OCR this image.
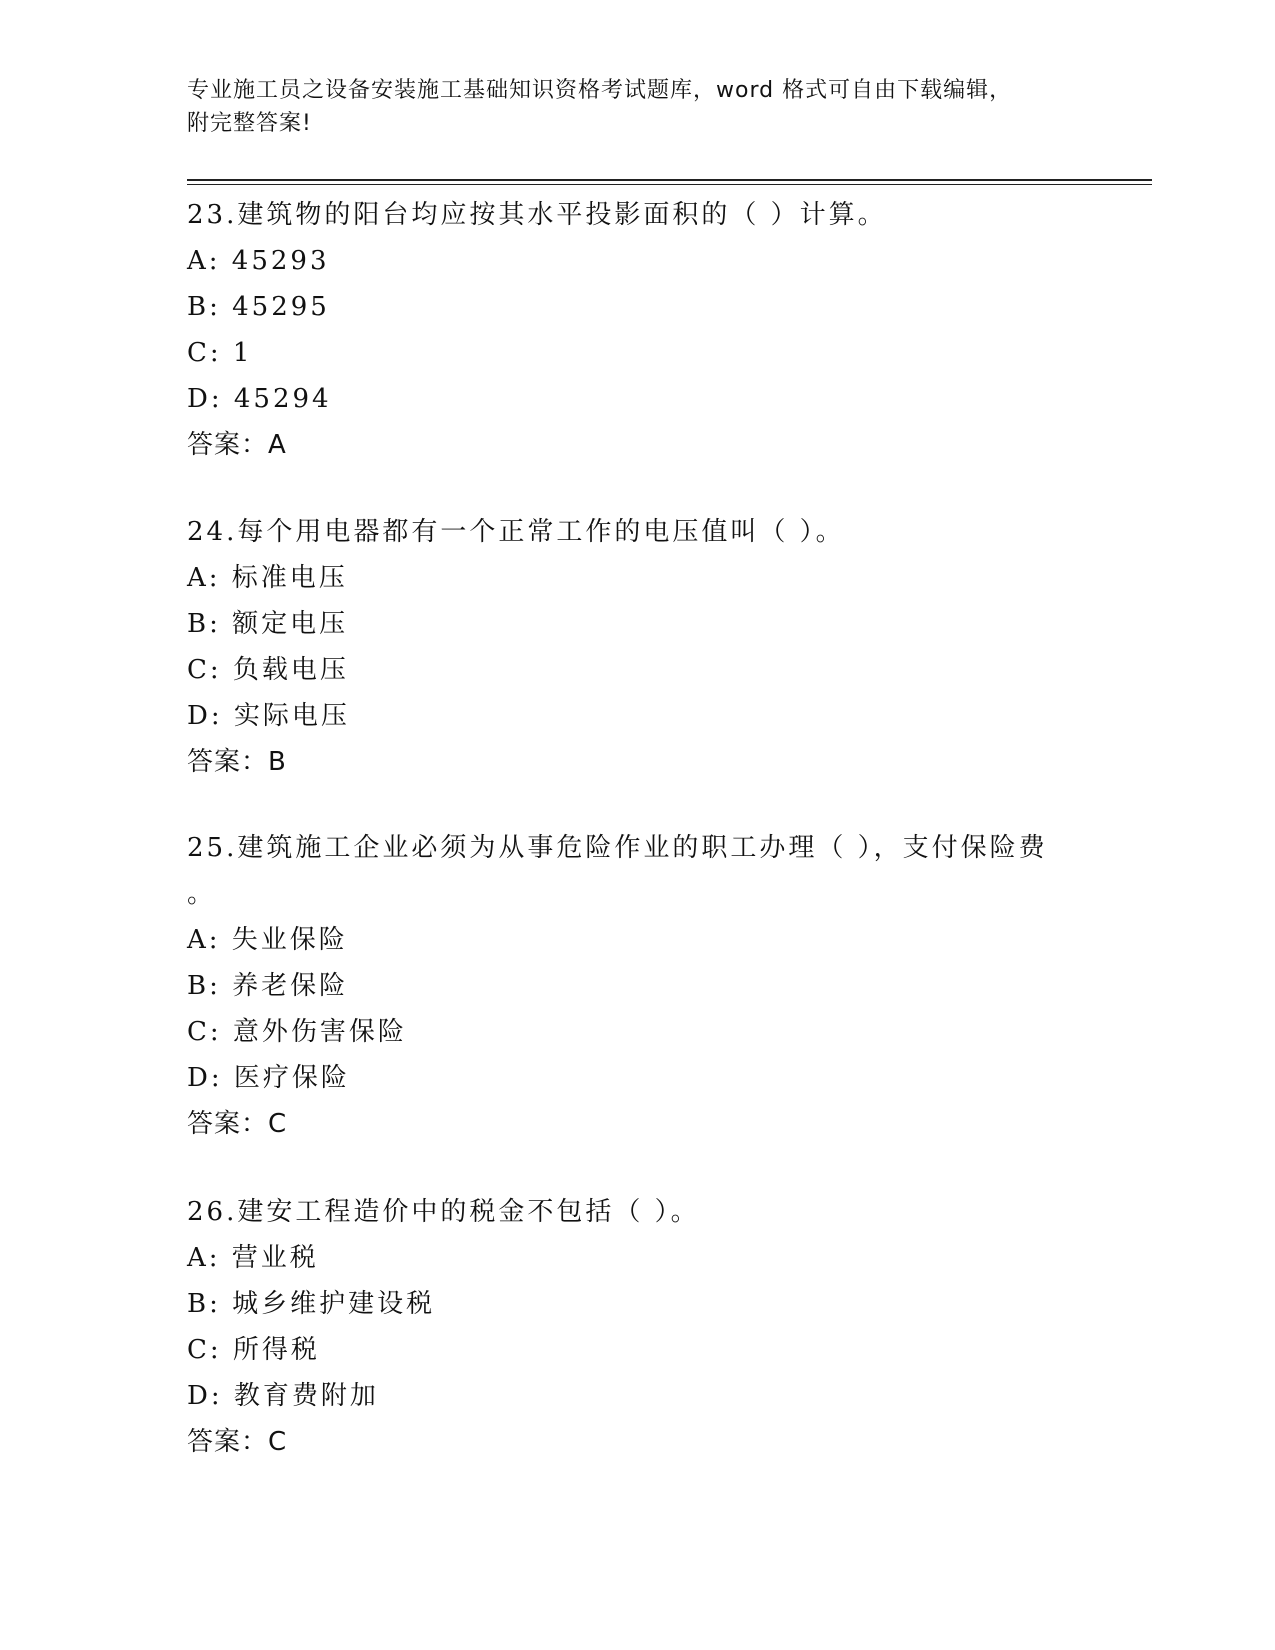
专业施工员之设备安装施工基础知识资格考试题库，word 格式可自由下载编辑，
附完整答案!
23.建筑物的阳台均应按其水平投影面积的（ ）计算。
A: 45293
B: 45295
C: 1
D: 45294
答案：A
24.每个用电器都有一个正常工作的电压值叫（ ）。
A: 标准电压
B: 额定电压
C: 负载电压
D: 实际电压
答案：B
25.建筑施工企业必须为从事危险作业的职工办理（ ），支付保险费
。
A: 失业保险
B: 养老保险
C: 意外伤害保险
D: 医疗保险
答案：C
26.建安工程造价中的税金不包括（ ）。
A: 营业税
B: 城乡维护建设税
C: 所得税
D: 教育费附加
答案：C
